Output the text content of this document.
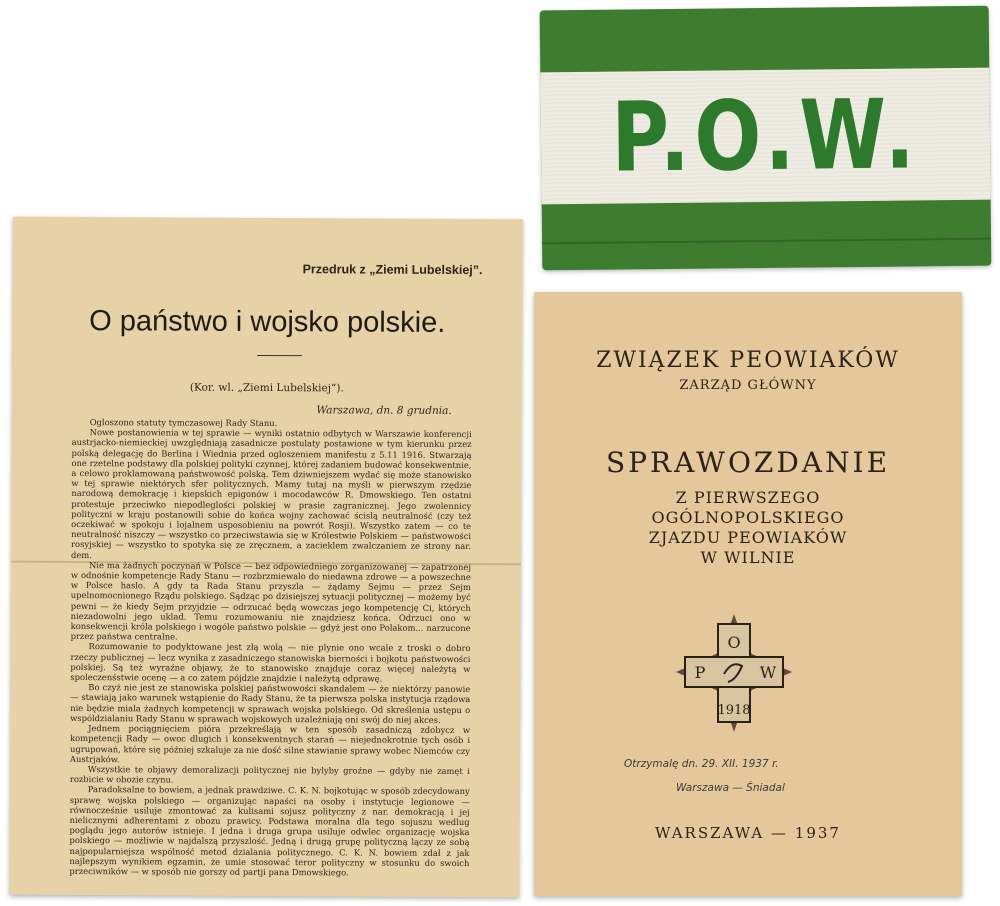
P.O.W.
Przedruk z „Ziemi Lubelskiej”.
O państwo i wojsko polskie.
(Kor. wl. „Ziemi Lubelskiej”).
Warszawa, dn. 8 grudnia.

Ogloszono statuty tymczasowej Rady Stanu.

Nowe postanowienia w tej sprawie — wyniki ostatnio odbytych w Warszawie konferencji austrjacko-niemieckiej uwzględniają zasadnicze postulaty postawione w tym kierunku przez polską delegację do Berlina i Wiednia przed ogloszeniem manifestu z 5.11 1916. Stwarzają one rzetelne podstawy dla polskiej polityki czynnej, której zadaniem budować konsekwentnie, a celowo proklamowaną państwowość polską. Tem dziwniejszem wydać się może stanowisko w tej sprawie niektórych sfer politycznych. Mamy tutaj na myśli w pierwszym rzędzie narodową demokrację i kiepskich epigonów i mocodawców R. Dmowskiego. Ten ostatni protestuje przeciwko niepodleglości polskiej w prasie zagranicznej. Jego zwolennicy polityczni w kraju postanowili sobie do końca wojny zachować ścislą neutralność (czy też oczekiwać w spokoju i lojalnem usposobieniu na powrót Rosji). Wszystko zatem — co te neutralność niszczy — wszystko co przeciwstawia się w Królestwie Polskiem — państwowości rosyjskiej — wszystko to spotyka się ze zręcznem, a zacieklem zwalczaniem ze strony nar. dem.

Nie ma żadnych poczynań w Polsce — bez odpowiedniego zorganizowanej — zapatrzonej w odnośnie kompetencje Rady Stanu — rozbrzmiewalo do niedawna zdrowe — a powszechne w Polsce haslo. A gdy ta Rada Stanu przyszla — żądamy Sejmu — przez Sejm upelnomocnionego Rządu polskiego. Sądząc po dzisiejszej sytuacji politycznej — możemy być pewni — że kiedy Sejm przyjdzie — odrzucać będą wowczas jego kompetencję Ci, których niezadowolni jego uklad. Temu rozumowaniu nie znajdziesz końca. Odrzuci ono w konsekwencji króla polskiego i wogóle państwo polskie — gdyż jest ono Polakom... narzucone przez państwa centralne.

Rozumowanie to podyktowane jest złą wolą — nie plynie ono wcale z troski o dobro rzeczy publicznej — lecz wynika z zasadniczego stanowiska bierności i bojkotu państwowości polskiej. Są też wyraźne objawy, że to stanowisko znajduje coraz więcej należytą w spoleczenśstwie ocenę — a co zatem pójdzie znajdzie i należytą odprawę.

Bo czyż nie jest ze stanowiska polskiej państwowości skandalem — że niektórzy panowie — stawiają jako warunek wstąpienie do Rady Stanu, że ta pierwsza polska instytucja rządowa nie będzie miala żadnych kompetencji w sprawach wojska polskiego. Od skreślenia ustępu o wspóldzialaniu Rady Stanu w sprawach wojskowych uzależniają oni swój do niej akces.

Jednem pociągnięciem pióra przekreślają w ten sposób zasadniczą zdobycz w kompetencji Rady — owoc dlugich i konsekwentnych starań — niejednokrotnie tych osób i ugrupowań, które się później szkaluje za nie dość silne stawianie sprawy wobec Niemców czy Austrjaków.

Wszystkie te objawy demoralizacji politycznej nie bylyby groźne — gdyby nie zamęt i rozbicie w obozie czynu.

Paradoksalne to bowiem, a jednak prawdziwe. C. K. N. bojkotując w sposób zdecydowany sprawę wojska polskiego — organizując napaści na osoby i instytucje legionowe — równocześnie usiluje zmontować za kulisami sojusz polityczny z nar. demokracją i jej nielicznymi adherentami z obozu prawicy. Podstawa moralna dla tego sojuszu wedlug poglądu jego autorów istnieje. I jedna i druga grupa usiluje odwlec organizację wojska polskiego — możliwie w najdalszą przyszlość. Jedną i drugą grupę polityczną lączy ze sobą najpopularniejsza wspólność metod dzialania politycznego. C. K. N. bowiem zdał z jak najlepszym wynikiem egzamin, że umie stosować teror polityczny w stosunku do swoich przeciwników — w sposób nie gorszy od partji pana Dmowskiego.

ZWIĄZEK PEOWIAKÓW
ZARZĄD GŁÓWNY
SPRAWOZDANIE
Z PIERWSZEGO
OGÓLNOPOLSKIEGO
ZJAZDU PEOWIAKÓW
W WILNIE
O
P	W
1918
Otrzymalę dn. 29. XII. 1937 r.
Warszawa — Śniadal
WARSZAWA — 1937
